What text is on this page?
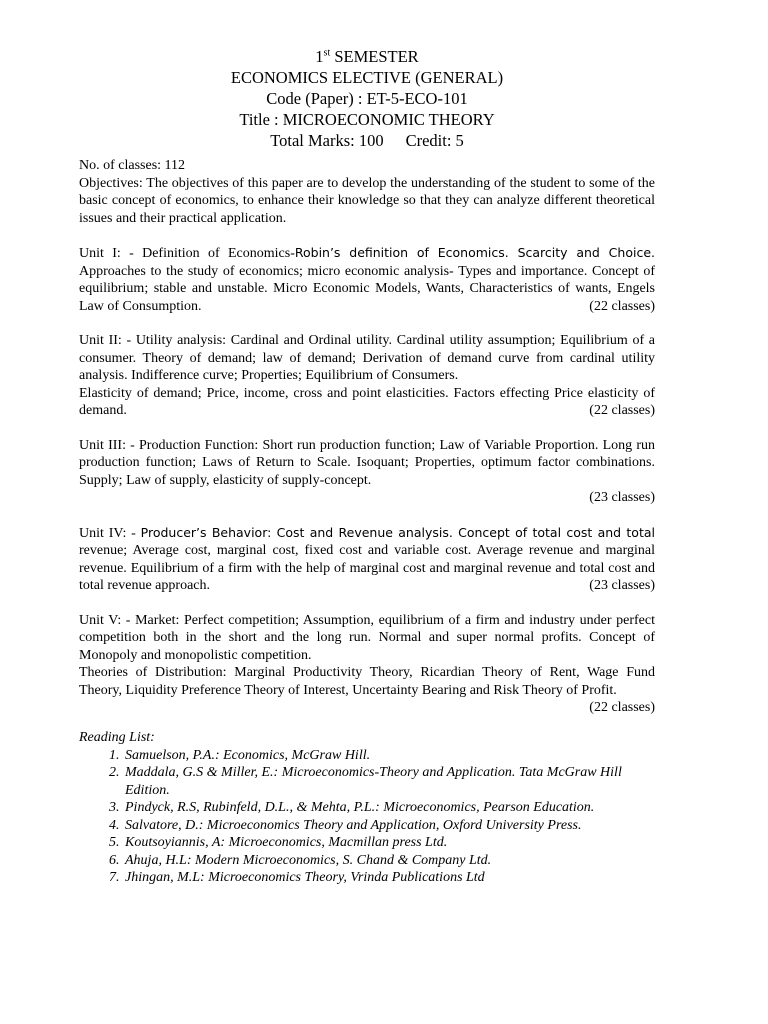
1st SEMESTER
ECONOMICS ELECTIVE (GENERAL)
Code (Paper) : ET-5-ECO-101
Title : MICROECONOMIC THEORY
Total Marks: 100 Credit: 5

No. of classes: 112

Objectives: The objectives of this paper are to develop the understanding of the student to some of the basic concept of economics, to enhance their knowledge so that they can analyze different theoretical issues and their practical application.

Unit I: - Definition of Economics-Robin’s definition of Economics. Scarcity and Choice. Approaches to the study of economics; micro economic analysis- Types and importance. Concept of equilibrium; stable and unstable. Micro Economic Models, Wants, Characteristics of wants, Engels Law of Consumption.	(22 classes)

Unit II: - Utility analysis: Cardinal and Ordinal utility. Cardinal utility assumption; Equilibrium of a consumer. Theory of demand; law of demand; Derivation of demand curve from cardinal utility analysis. Indifference curve; Properties; Equilibrium of Consumers.

Elasticity of demand; Price, income, cross and point elasticities. Factors effecting Price elasticity of demand.	(22 classes)

Unit III: - Production Function: Short run production function; Law of Variable Proportion. Long run production function; Laws of Return to Scale. Isoquant; Properties, optimum factor combinations. Supply; Law of supply, elasticity of supply-concept.

(23 classes)

Unit IV: - Producer’s Behavior: Cost and Revenue analysis. Concept of total cost and total revenue; Average cost, marginal cost, fixed cost and variable cost. Average revenue and marginal revenue. Equilibrium of a firm with the help of marginal cost and marginal revenue and total cost and total revenue approach.	(23 classes)

Unit V: - Market: Perfect competition; Assumption, equilibrium of a firm and industry under perfect competition both in the short and the long run. Normal and super normal profits. Concept of Monopoly and monopolistic competition.

Theories of Distribution: Marginal Productivity Theory, Ricardian Theory of Rent, Wage Fund Theory, Liquidity Preference Theory of Interest, Uncertainty Bearing and Risk Theory of Profit.
(22 classes)

Reading List:
1. Samuelson, P.A.: Economics, McGraw Hill.
2. Maddala, G.S & Miller, E.: Microeconomics-Theory and Application. Tata McGraw Hill Edition.
3. Pindyck, R.S, Rubinfeld, D.L., & Mehta, P.L.: Microeconomics, Pearson Education.
4. Salvatore, D.: Microeconomics Theory and Application, Oxford University Press.
5. Koutsoyiannis, A: Microeconomics, Macmillan press Ltd.
6. Ahuja, H.L: Modern Microeconomics, S. Chand & Company Ltd.
7. Jhingan, M.L: Microeconomics Theory, Vrinda Publications Ltd
